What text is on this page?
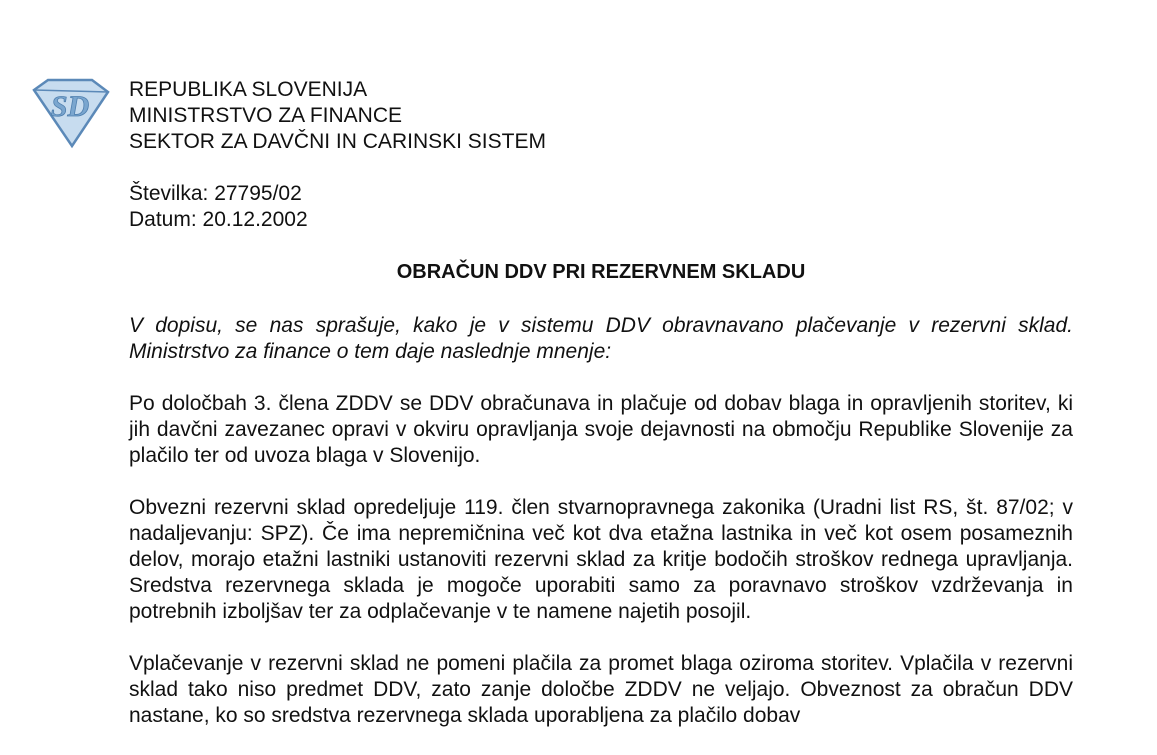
SD
REPUBLIKA SLOVENIJA
MINISTRSTVO ZA FINANCE
SEKTOR ZA DAVČNI IN CARINSKI SISTEM
Številka: 27795/02
Datum: 20.12.2002
OBRAČUN DDV PRI REZERVNEM SKLADU

V dopisu, se nas sprašuje, kako je v sistemu DDV obravnavano plačevanje v rezervni sklad. Ministrstvo za finance o tem daje naslednje mnenje:

Po določbah 3. člena ZDDV se DDV obračunava in plačuje od dobav blaga in opravljenih storitev, ki jih davčni zavezanec opravi v okviru opravljanja svoje dejavnosti na območju Republike Slovenije za plačilo ter od uvoza blaga v Slovenijo.

Obvezni rezervni sklad opredeljuje 119. člen stvarnopravnega zakonika (Uradni list RS, št. 87/02; v nadaljevanju: SPZ). Če ima nepremičnina več kot dva etažna lastnika in več kot osem posameznih delov, morajo etažni lastniki ustanoviti rezervni sklad za kritje bodočih stroškov rednega upravljanja. Sredstva rezervnega sklada je mogoče uporabiti samo za poravnavo stroškov vzdrževanja in potrebnih izboljšav ter za odplačevanje v te namene najetih posojil.

Vplačevanje v rezervni sklad ne pomeni plačila za promet blaga oziroma storitev. Vplačila v rezervni sklad tako niso predmet DDV, zato zanje določbe ZDDV ne veljajo. Obveznost za obračun DDV nastane, ko so sredstva rezervnega sklada uporabljena za plačilo dobav
